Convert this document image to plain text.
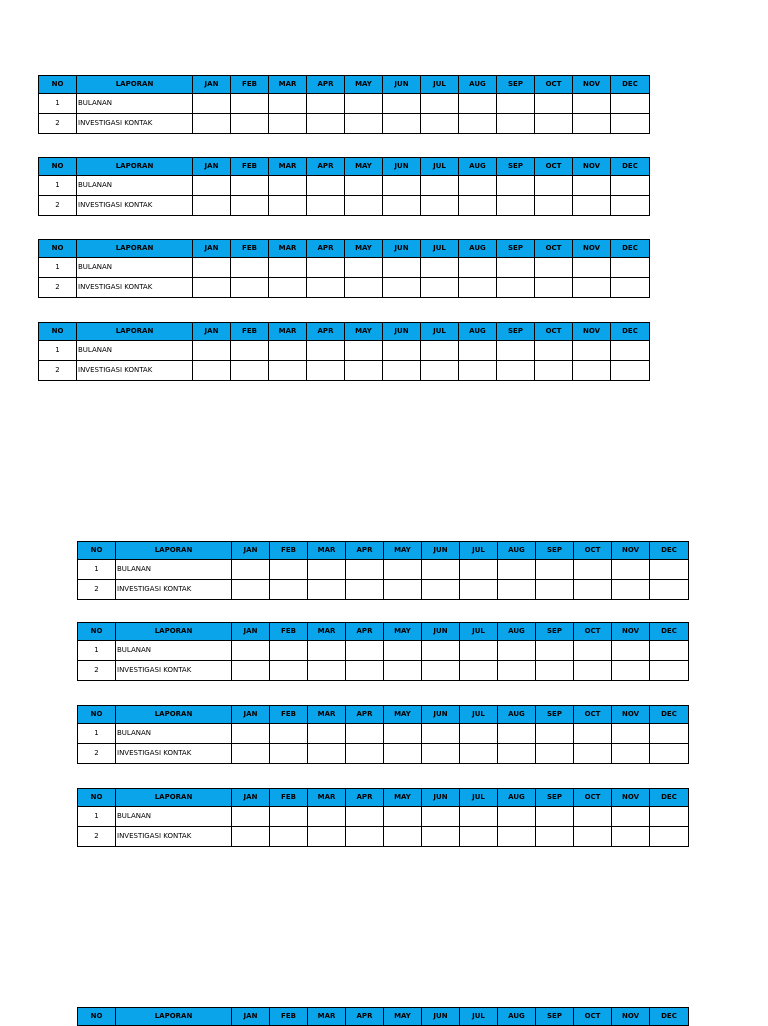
NO	LAPORAN	JAN	FEB	MAR	APR	MAY	JUN	JUL	AUG	SEP	OCT	NOV	DEC
1	BULANAN												
2	INVESTIGASI KONTAK												
NO	LAPORAN	JAN	FEB	MAR	APR	MAY	JUN	JUL	AUG	SEP	OCT	NOV	DEC
1	BULANAN												
2	INVESTIGASI KONTAK												
NO	LAPORAN	JAN	FEB	MAR	APR	MAY	JUN	JUL	AUG	SEP	OCT	NOV	DEC
1	BULANAN												
2	INVESTIGASI KONTAK												
NO	LAPORAN	JAN	FEB	MAR	APR	MAY	JUN	JUL	AUG	SEP	OCT	NOV	DEC
1	BULANAN												
2	INVESTIGASI KONTAK												
NO	LAPORAN	JAN	FEB	MAR	APR	MAY	JUN	JUL	AUG	SEP	OCT	NOV	DEC
1	BULANAN												
2	INVESTIGASI KONTAK												
NO	LAPORAN	JAN	FEB	MAR	APR	MAY	JUN	JUL	AUG	SEP	OCT	NOV	DEC
1	BULANAN												
2	INVESTIGASI KONTAK												
NO	LAPORAN	JAN	FEB	MAR	APR	MAY	JUN	JUL	AUG	SEP	OCT	NOV	DEC
1	BULANAN												
2	INVESTIGASI KONTAK												
NO	LAPORAN	JAN	FEB	MAR	APR	MAY	JUN	JUL	AUG	SEP	OCT	NOV	DEC
1	BULANAN												
2	INVESTIGASI KONTAK												
NO	LAPORAN	JAN	FEB	MAR	APR	MAY	JUN	JUL	AUG	SEP	OCT	NOV	DEC
